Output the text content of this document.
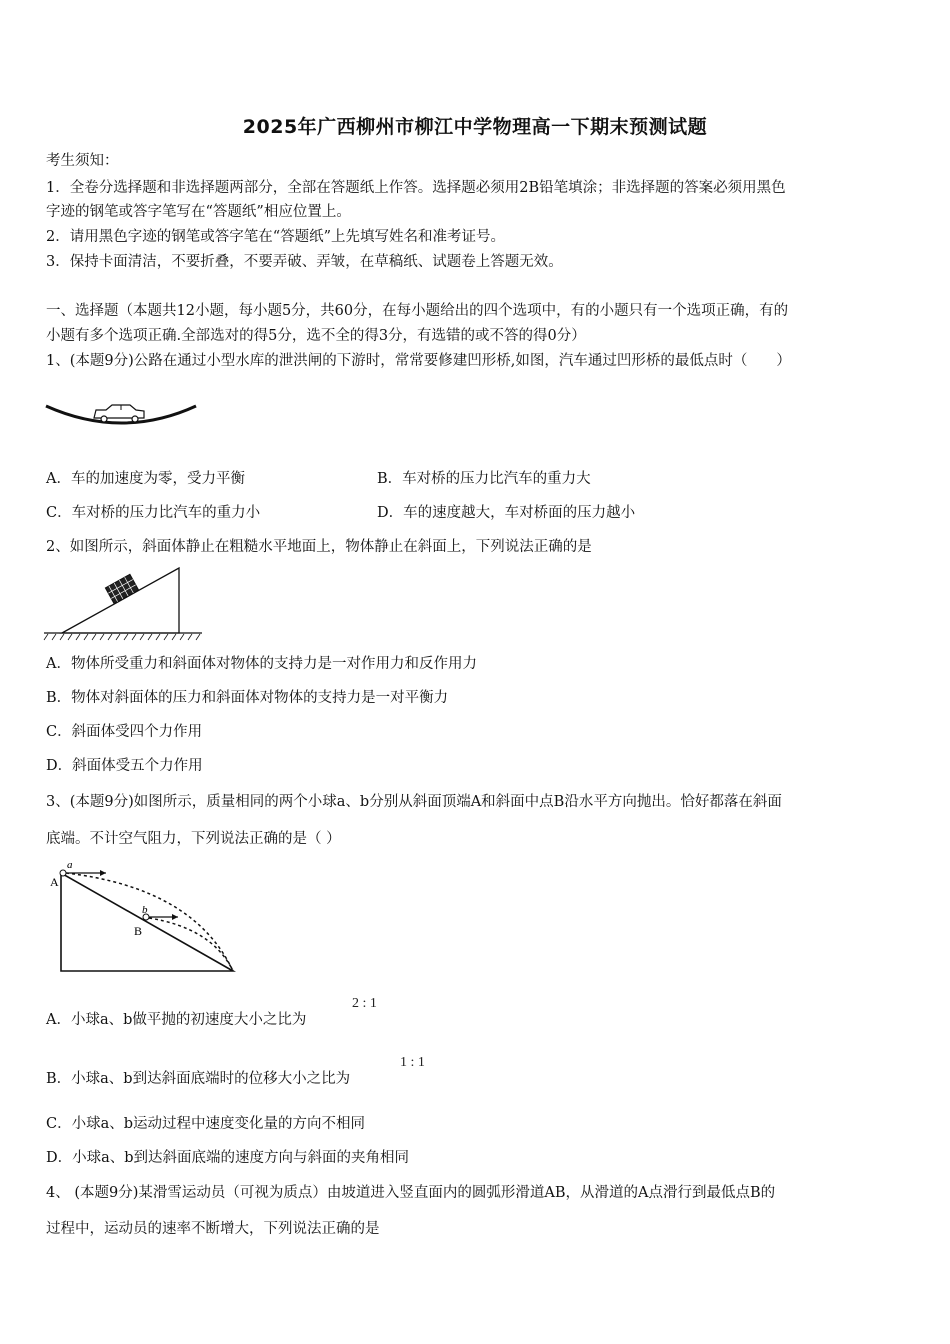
2025年广西柳州市柳江中学物理高一下期末预测试题
考生须知：
1．全卷分选择题和非选择题两部分，全部在答题纸上作答。选择题必须用2B铅笔填涂；非选择题的答案必须用黑色
字迹的钢笔或答字笔写在“答题纸”相应位置上。
2．请用黑色字迹的钢笔或答字笔在“答题纸”上先填写姓名和准考证号。
3．保持卡面清洁，不要折叠，不要弄破、弄皱，在草稿纸、试题卷上答题无效。
一、选择题（本题共12小题，每小题5分，共60分，在每小题给出的四个选项中，有的小题只有一个选项正确，有的
小题有多个选项正确.全部选对的得5分，选不全的得3分，有选错的或不答的得0分）
1、(本题9分)公路在通过小型水库的泄洪闸的下游时，常常要修建凹形桥,如图，汽车通过凹形桥的最低点时（　　）
A．车的加速度为零，受力平衡	B．车对桥的压力比汽车的重力大
C．车对桥的压力比汽车的重力小	D．车的速度越大，车对桥面的压力越小
2、如图所示，斜面体静止在粗糙水平地面上，物体静止在斜面上，下列说法正确的是
A．物体所受重力和斜面体对物体的支持力是一对作用力和反作用力
B．物体对斜面体的压力和斜面体对物体的支持力是一对平衡力
C．斜面体受四个力作用
D．斜面体受五个力作用
3、(本题9分)如图所示，质量相同的两个小球a、b分别从斜面顶端A和斜面中点B沿水平方向抛出。恰好都落在斜面
底端。不计空气阻力，下列说法正确的是（ ）
a
A
b
B
A．小球a、b做平抛的初速度大小之比为
2 : 1
B．小球a、b到达斜面底端时的位移大小之比为
1 : 1
C．小球a、b运动过程中速度变化量的方向不相同
D．小球a、b到达斜面底端的速度方向与斜面的夹角相同
4、 (本题9分)某滑雪运动员（可视为质点）由坡道进入竖直面内的圆弧形滑道AB，从滑道的A点滑行到最低点B的
过程中，运动员的速率不断增大，下列说法正确的是
